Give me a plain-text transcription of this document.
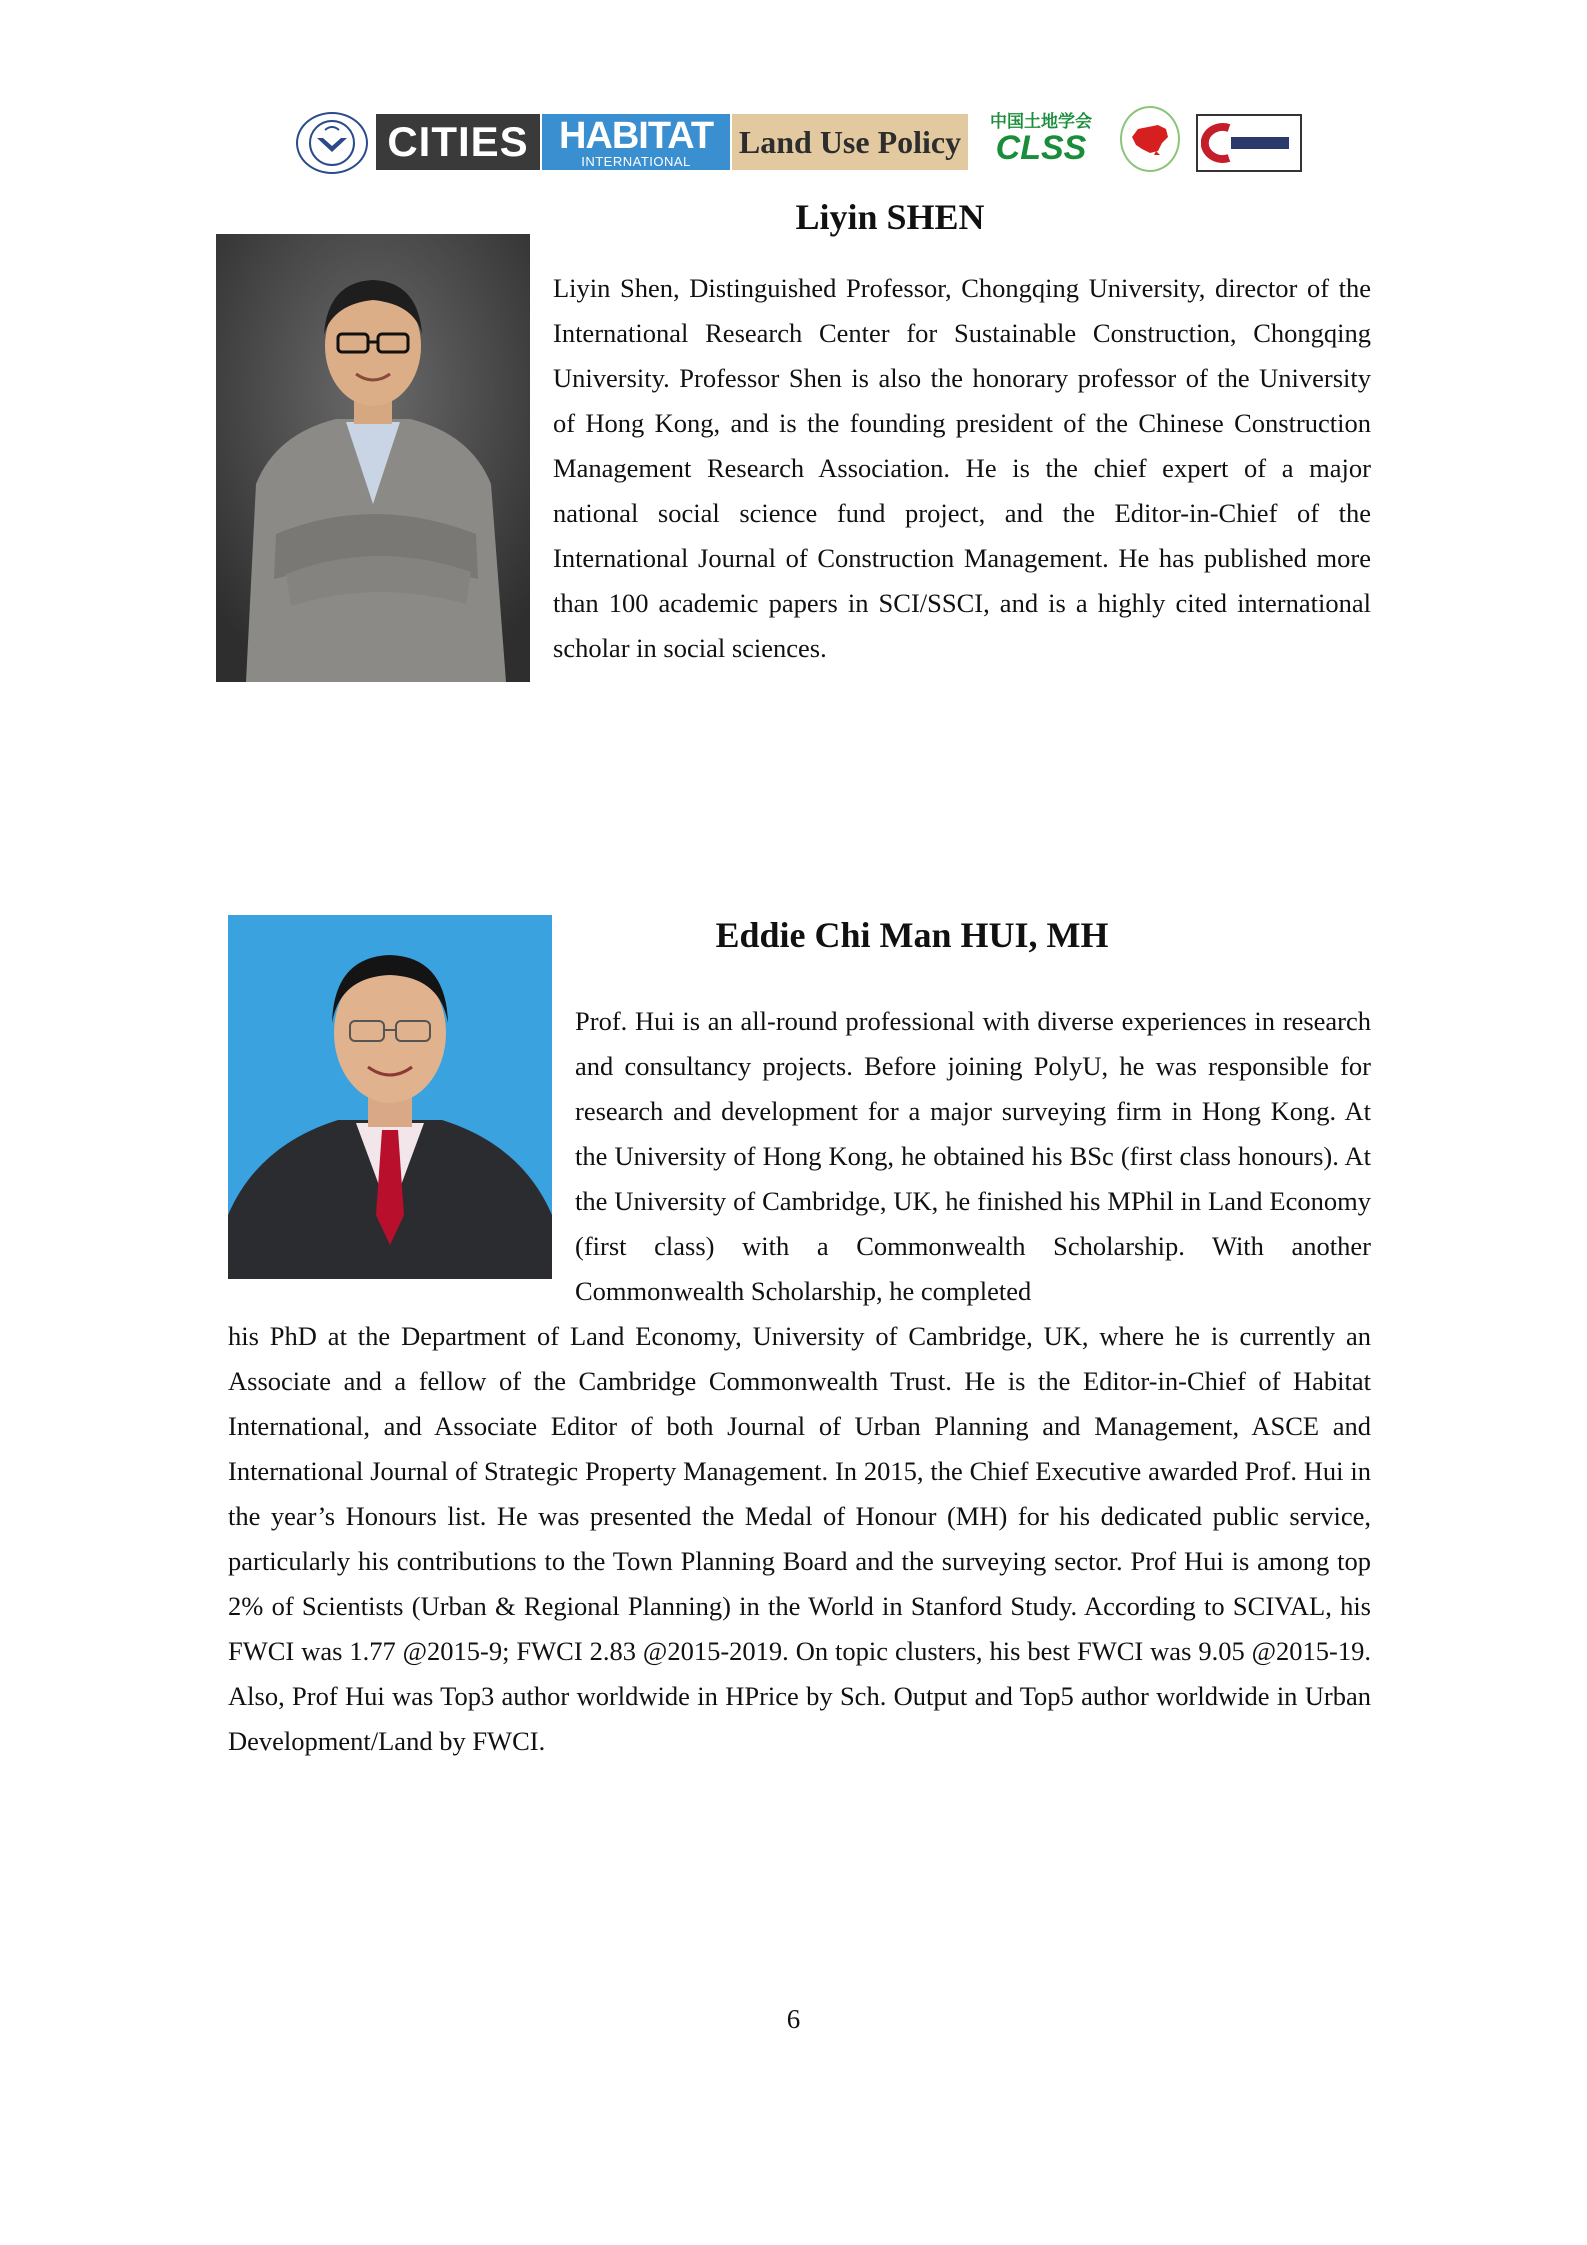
CITIES HABITAT
INTERNATIONAL
Land Use Policy
中国土地学会
CLSS
Liyin SHEN

Liyin Shen, Distinguished Professor, Chongqing University, director of the International Research Center for Sustainable Construction, Chongqing University. Professor Shen is also the honorary professor of the University of Hong Kong, and is the founding president of the Chinese Construction Management Research Association. He is the chief expert of a major national social science fund project, and the Editor-in-Chief of the International Journal of Construction Management. He has published more than 100 academic papers in SCI/SSCI, and is a highly cited international scholar in social sciences.

Eddie Chi Man HUI, MH

Prof. Hui is an all-round professional with diverse experiences in research and consultancy projects. Before joining PolyU, he was responsible for research and development for a major surveying firm in Hong Kong. At the University of Hong Kong, he obtained his BSc (first class honours). At the University of Cambridge, UK, he finished his MPhil in Land Economy (first class) with a Commonwealth Scholarship. With another Commonwealth Scholarship, he completed

his PhD at the Department of Land Economy, University of Cambridge, UK, where he is currently an Associate and a fellow of the Cambridge Commonwealth Trust. He is the Editor-in-Chief of Habitat International, and Associate Editor of both Journal of Urban Planning and Management, ASCE and International Journal of Strategic Property Management. In 2015, the Chief Executive awarded Prof. Hui in the year’s Honours list. He was presented the Medal of Honour (MH) for his dedicated public service, particularly his contributions to the Town Planning Board and the surveying sector. Prof Hui is among top 2% of Scientists (Urban & Regional Planning) in the World in Stanford Study. According to SCIVAL, his FWCI was 1.77 @2015-9; FWCI 2.83 @2015-2019. On topic clusters, his best FWCI was 9.05 @2015-19. Also, Prof Hui was Top3 author worldwide in HPrice by Sch. Output and Top5 author worldwide in Urban Development/Land by FWCI.

6
